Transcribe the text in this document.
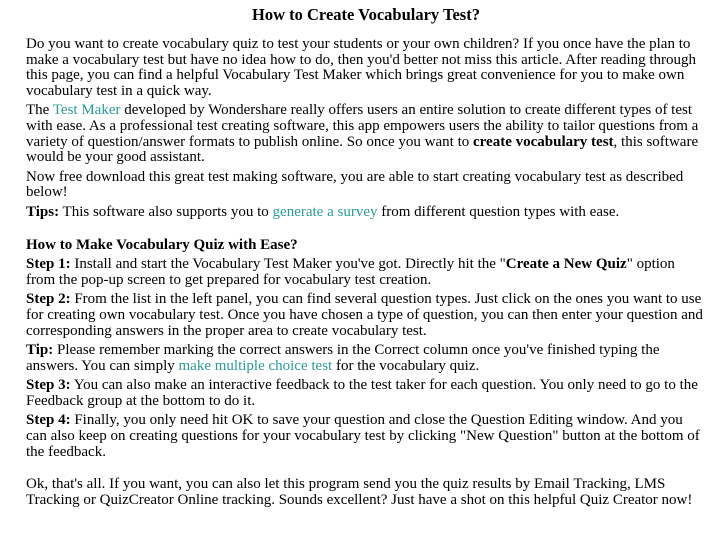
How to Create Vocabulary Test?

Do you want to create vocabulary quiz to test your students or your own children? If you once have the plan to make a vocabulary test but have no idea how to do, then you'd better not miss this article. After reading through this page, you can find a helpful Vocabulary Test Maker which brings great convenience for you to make own vocabulary test in a quick way.

The Test Maker developed by Wondershare really offers users an entire solution to create different types of test with ease. As a professional test creating software, this app empowers users the ability to tailor questions from a variety of question/answer formats to publish online. So once you want to create vocabulary test, this software would be your good assistant.

Now free download this great test making software, you are able to start creating vocabulary test as described below!

Tips: This software also supports you to generate a survey from different question types with ease.

How to Make Vocabulary Quiz with Ease?

Step 1: Install and start the Vocabulary Test Maker you've got. Directly hit the "Create a New Quiz" option from the pop-up screen to get prepared for vocabulary test creation.

Step 2: From the list in the left panel, you can find several question types. Just click on the ones you want to use for creating own vocabulary test. Once you have chosen a type of question, you can then enter your question and corresponding answers in the proper area to create vocabulary test.

Tip: Please remember marking the correct answers in the Correct column once you've finished typing the answers. You can simply make multiple choice test for the vocabulary quiz.

Step 3: You can also make an interactive feedback to the test taker for each question. You only need to go to the Feedback group at the bottom to do it.

Step 4: Finally, you only need hit OK to save your question and close the Question Editing window. And you can also keep on creating questions for your vocabulary test by clicking "New Question" button at the bottom of the feedback.

Ok, that's all. If you want, you can also let this program send you the quiz results by Email Tracking, LMS Tracking or QuizCreator Online tracking. Sounds excellent? Just have a shot on this helpful Quiz Creator now!
